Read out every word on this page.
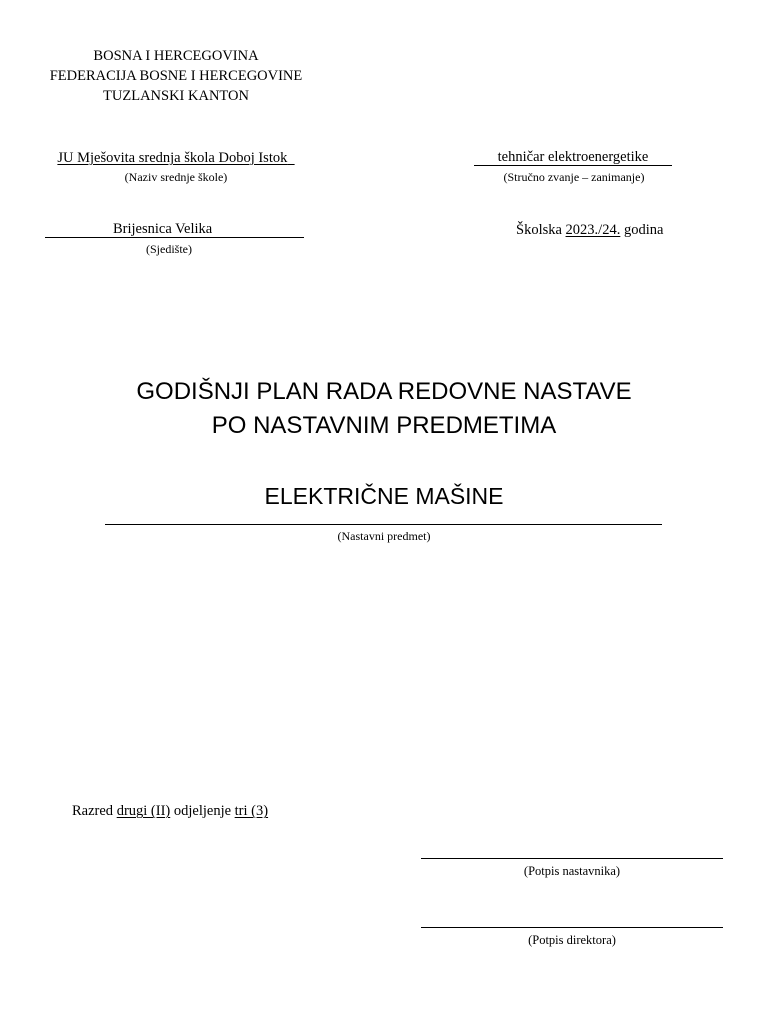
BOSNA I HERCEGOVINA
FEDERACIJA BOSNE I HERCEGOVINE
TUZLANSKI KANTON
JU Mješovita srednja škola Doboj Istok
(Naziv srednje škole)
tehničar elektroenergetike
(Stručno zvanje – zanimanje)
Brijesnica Velika
(Sjedište)
Školska 2023./24. godina
GODIŠNJI PLAN RADA REDOVNE NASTAVE
PO NASTAVNIM PREDMETIMA
ELEKTRIČNE MAŠINE
(Nastavni predmet)
Razred drugi (II) odjeljenje tri (3)
(Potpis nastavnika)
(Potpis direktora)
